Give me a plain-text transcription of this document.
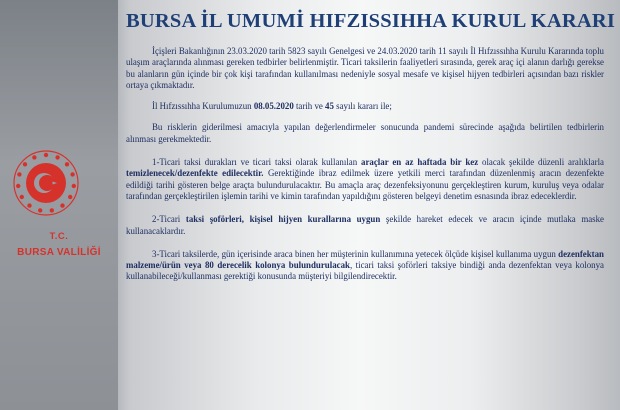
T.C.
BURSA VALİLİĞİ
BURSA İL UMUMİ HIFZISSIHHA KURUL KARARI

İçişleri Bakanlığının 23.03.2020 tarih 5823 sayılı Genelgesi ve 24.03.2020 tarih 11 sayılı İl Hıfzıssıhha Kurulu Kararında toplu ulaşım araçlarında alınması gereken tedbirler belirlenmiştir. Ticari taksilerin faaliyetleri sırasında, gerek araç içi alanın darlığı gerekse bu alanların gün içinde bir çok kişi tarafından kullanılması nedeniyle sosyal mesafe ve kişisel hijyen tedbirleri açısından bazı riskler ortaya çıkmaktadır.

İl Hıfzıssıhha Kurulumuzun 08.05.2020 tarih ve 45 sayılı kararı ile;

Bu risklerin giderilmesi amacıyla yapılan değerlendirmeler sonucunda pandemi sürecinde aşağıda belirtilen tedbirlerin alınması gerekmektedir.

1-Ticari taksi durakları ve ticari taksi olarak kullanılan araçlar en az haftada bir kez olacak şekilde düzenli aralıklarla temizlenecek/dezenfekte edilecektir. Gerektiğinde ibraz edilmek üzere yetkili merci tarafından düzenlenmiş aracın dezenfekte edildiği tarihi gösteren belge araçta bulundurulacaktır. Bu amaçla araç dezenfeksiyonunu gerçekleştiren kurum, kuruluş veya odalar tarafından gerçekleştirilen işlemin tarihi ve kimin tarafından yapıldığını gösteren belgeyi denetim esnasında ibraz edeceklerdir.

2-Ticari taksi şoförleri, kişisel hijyen kurallarına uygun şekilde hareket edecek ve aracın içinde mutlaka maske kullanacaklardır.

3-Ticari taksilerde, gün içerisinde araca binen her müşterinin kullanımına yetecek ölçüde kişisel kullanıma uygun dezenfektan malzeme/ürün veya 80 derecelik kolonya bulundurulacak, ticari taksi şoförleri taksiye bindiği anda dezenfektan veya kolonya kullanabileceği/kullanması gerektiği konusunda müşteriyi bilgilendirecektir.
